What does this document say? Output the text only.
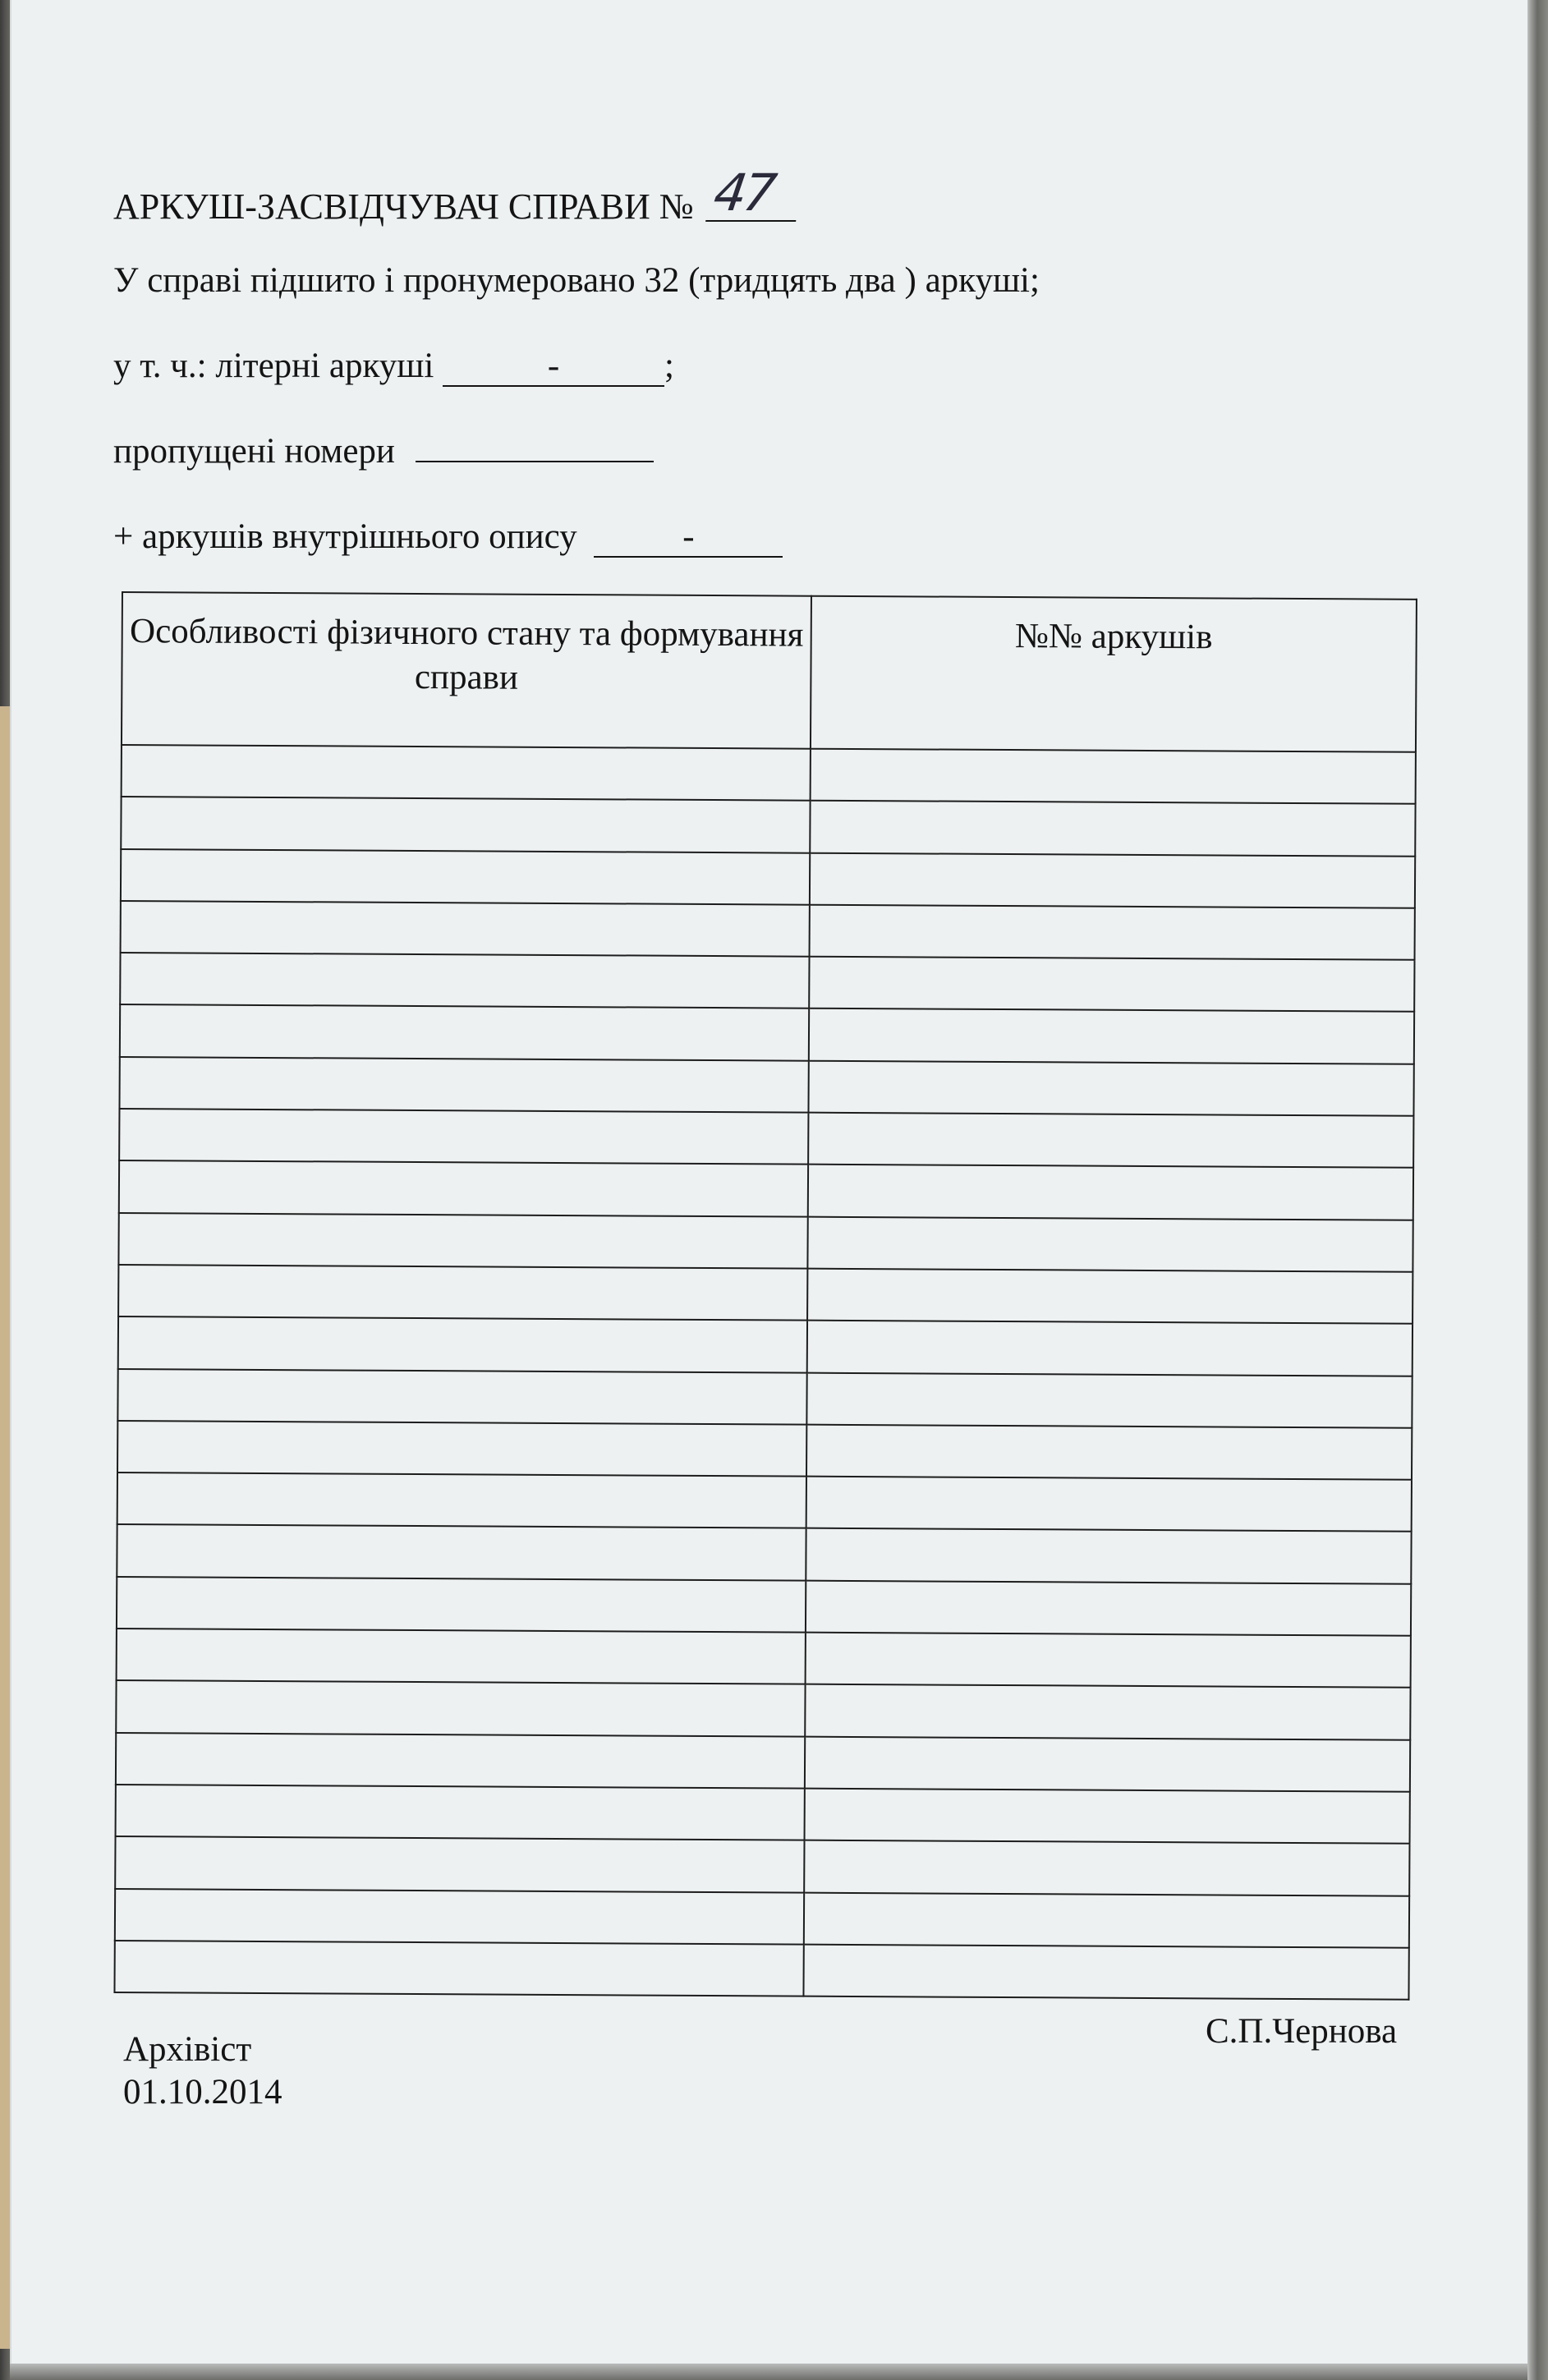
АРКУШ-ЗАСВІДЧУВАЧ СПРАВИ № 47
У справі підшито і пронумеровано 32 (тридцять два ) аркуші;
у т. ч.: літерні аркуші	-	;
пропущені номери
+ аркушів внутрішнього опису	-
Особливості фізичного стану та формування справи	№№ аркушів

Архівіст
01.10.2014
С.П.Чернова
